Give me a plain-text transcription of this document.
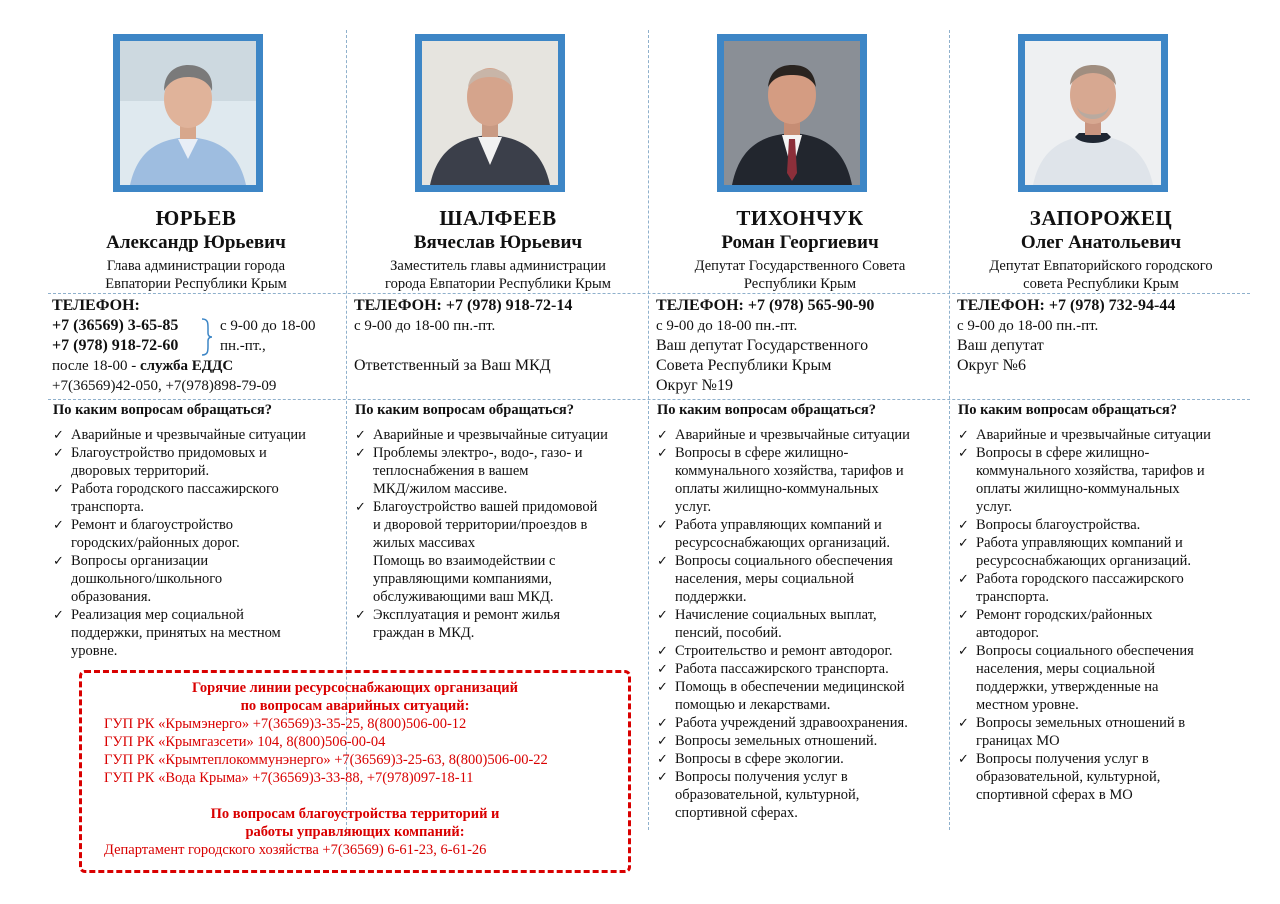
ЮРЬЕВ
Александр Юрьевич
Глава администрации города
Евпатории Республики Крым
ТЕЛЕФОН:
+7 (36569) 3-65-85
+7 (978) 918-72-60
с 9-00 до 18-00
пн.-пт.,
после 18-00 - служба ЕДДС
+7(36569)42-050, +7(978)898-79-09
По каким вопросам обращаться?
✓ Аварийные и чрезвычайные ситуации
✓ Благоустройство придомовых и
дворовых территорий.
✓ Работа городского пассажирского
транспорта.
✓ Ремонт и благоустройство
городских/районных дорог.
✓ Вопросы организации
дошкольного/школьного
образования.
✓ Реализация мер социальной
поддержки, принятых на местном
уровне.
ШАЛФЕЕВ
Вячеслав Юрьевич
Заместитель главы администрации
города Евпатории Республики Крым
ТЕЛЕФОН: +7 (978) 918-72-14
с 9-00 до 18-00 пн.-пт.
Ответственный за Ваш МКД
По каким вопросам обращаться?
✓ Аварийные и чрезвычайные ситуации
✓ Проблемы электро-, водо-, газо- и
теплоснабжения в вашем
МКД/жилом массиве.
✓ Благоустройство вашей придомовой
и дворовой территории/проездов в
жилых массивах
Помощь во взаимодействии с
управляющими компаниями,
обслуживающими ваш МКД.
✓ Эксплуатация и ремонт жилья
граждан в МКД.
ТИХОНЧУК
Роман Георгиевич
Депутат Государственного Совета
Республики Крым
ТЕЛЕФОН: +7 (978) 565-90-90
с 9-00 до 18-00 пн.-пт.
Ваш депутат Государственного
Совета Республики Крым
Округ №19
По каким вопросам обращаться?
✓ Аварийные и чрезвычайные ситуации
✓ Вопросы в сфере жилищно-
коммунального хозяйства, тарифов и
оплаты жилищно-коммунальных
услуг.
✓ Работа управляющих компаний и
ресурсоснабжающих организаций.
✓ Вопросы социального обеспечения
населения, меры социальной
поддержки.
✓ Начисление социальных выплат,
пенсий, пособий.
✓ Строительство и ремонт автодорог.
✓ Работа пассажирского транспорта.
✓ Помощь в обеспечении медицинской
помощью и лекарствами.
✓ Работа учреждений здравоохранения.
✓ Вопросы земельных отношений.
✓ Вопросы в сфере экологии.
✓ Вопросы получения услуг в
образовательной, культурной,
спортивной сферах.
ЗАПОРОЖЕЦ
Олег Анатольевич
Депутат Евпаторийского городского
совета Республики Крым
ТЕЛЕФОН: +7 (978) 732-94-44
с 9-00 до 18-00 пн.-пт.
Ваш депутат
Округ №6
По каким вопросам обращаться?
✓ Аварийные и чрезвычайные ситуации
✓ Вопросы в сфере жилищно-
коммунального хозяйства, тарифов и
оплаты жилищно-коммунальных
услуг.
✓ Вопросы благоустройства.
✓ Работа управляющих компаний и
ресурсоснабжающих организаций.
✓ Работа городского пассажирского
транспорта.
✓ Ремонт городских/районных
автодорог.
✓ Вопросы социального обеспечения
населения, меры социальной
поддержки, утвержденные на
местном уровне.
✓ Вопросы земельных отношений в
границах МО
✓ Вопросы получения услуг в
образовательной, культурной,
спортивной сферах в МО
Горячие линии ресурсоснабжающих организаций
по вопросам аварийных ситуаций:
ГУП РК «Крымэнерго» +7(36569)3-35-25, 8(800)506-00-12
ГУП РК «Крымгазсети» 104, 8(800)506-00-04
ГУП РК «Крымтеплокоммунэнерго» +7(36569)3-25-63, 8(800)506-00-22
ГУП РК «Вода Крыма» +7(36569)3-33-88, +7(978)097-18-11
По вопросам благоустройства территорий и
работы управляющих компаний:
Департамент городского хозяйства +7(36569) 6-61-23, 6-61-26
